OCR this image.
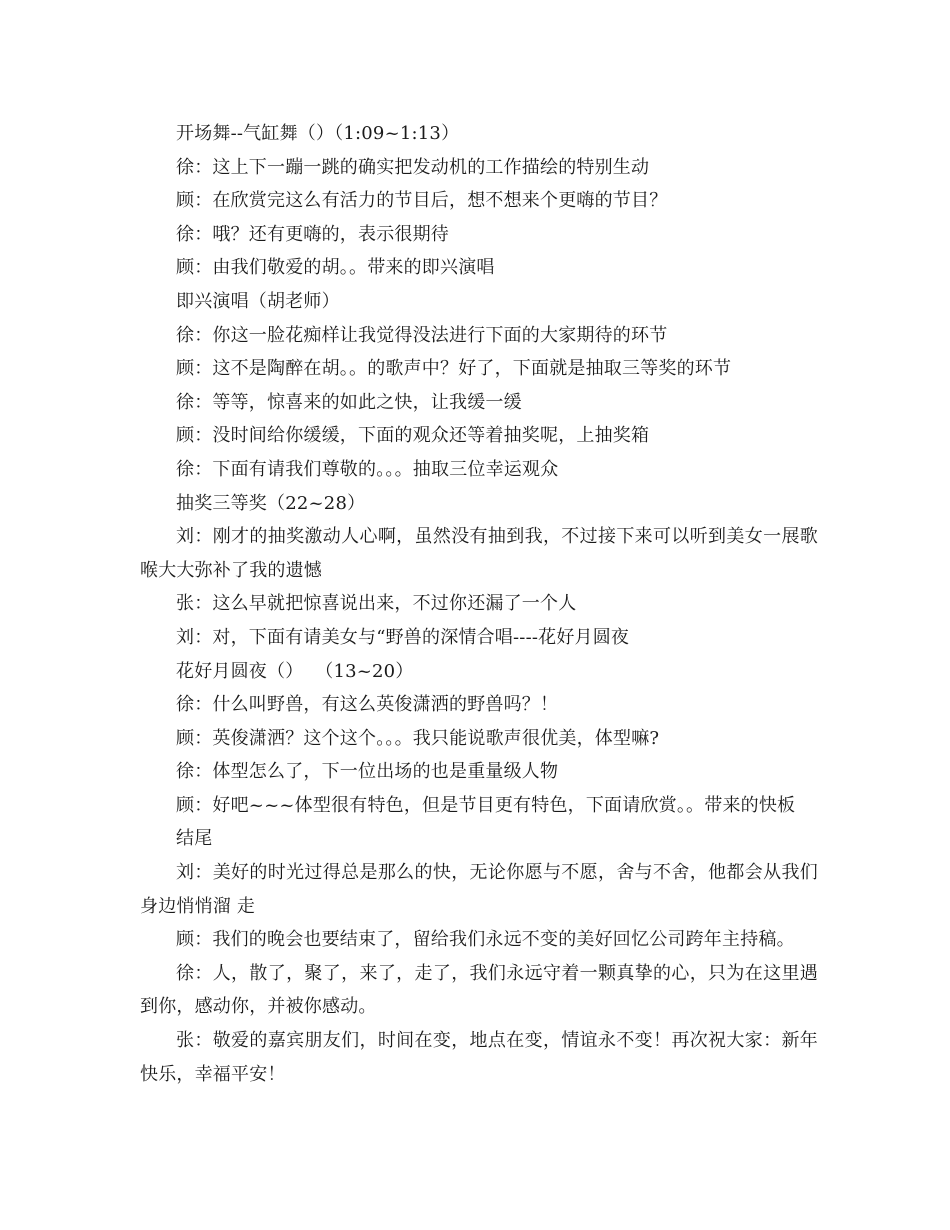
开场舞--气缸舞（）（1:09~1:13）

徐：这上下一蹦一跳的确实把发动机的工作描绘的特别生动

顾：在欣赏完这么有活力的节目后，想不想来个更嗨的节目？

徐：哦？还有更嗨的，表示很期待

顾：由我们敬爱的胡。。带来的即兴演唱

即兴演唱（胡老师）

徐：你这一脸花痴样让我觉得没法进行下面的大家期待的环节

顾：这不是陶醉在胡。。的歌声中？好了，下面就是抽取三等奖的环节

徐：等等，惊喜来的如此之快，让我缓一缓

顾：没时间给你缓缓，下面的观众还等着抽奖呢，上抽奖箱

徐：下面有请我们尊敬的。。。抽取三位幸运观众

抽奖三等奖（22~28）

刘：刚才的抽奖激动人心啊，虽然没有抽到我，不过接下来可以听到美女一展歌喉大大弥补了我的遗憾

张：这么早就把惊喜说出来，不过你还漏了一个人

刘：对，下面有请美女与“野兽的深情合唱----花好月圆夜

花好月圆夜（）  （13~20）

徐：什么叫野兽，有这么英俊潇洒的野兽吗？！

顾：英俊潇洒？这个这个。。。我只能说歌声很优美，体型嘛?

徐：体型怎么了，下一位出场的也是重量级人物

顾：好吧~~~体型很有特色，但是节目更有特色，下面请欣赏。。带来的快板

结尾

刘：美好的时光过得总是那么的快，无论你愿与不愿，舍与不舍，他都会从我们身边悄悄溜 走

顾：我们的晚会也要结束了，留给我们永远不变的美好回忆公司跨年主持稿。

徐：人，散了，聚了，来了，走了，我们永远守着一颗真挚的心，只为在这里遇到你，感动你，并被你感动。

张：敬爱的嘉宾朋友们，时间在变，地点在变，情谊永不变！再次祝大家：新年快乐，幸福平安！
